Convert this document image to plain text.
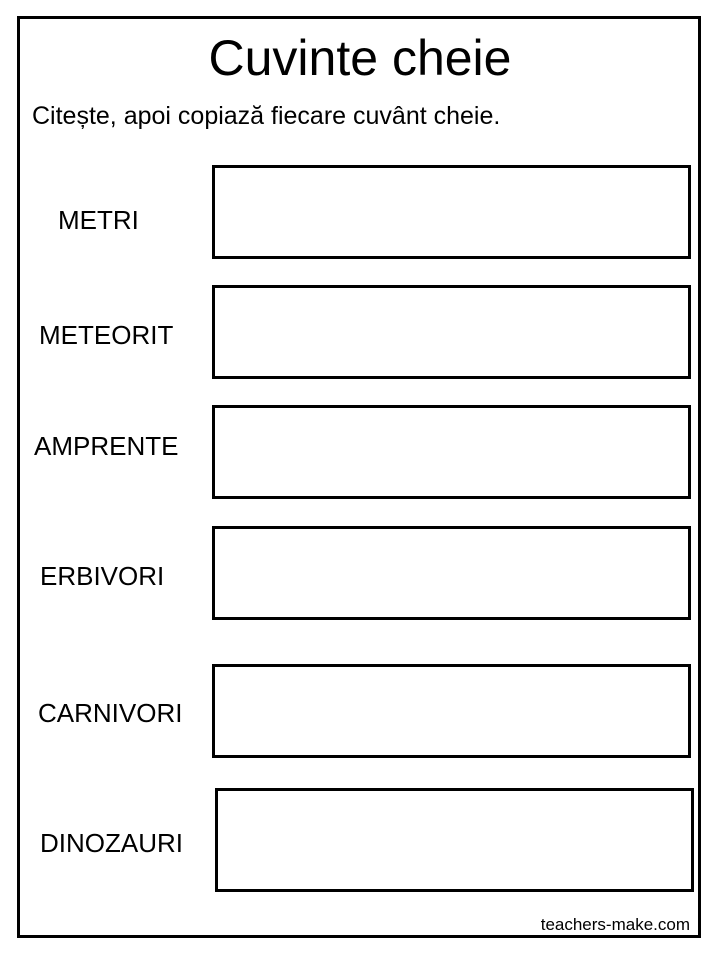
Cuvinte cheie
Citește, apoi copiază fiecare cuvânt cheie.
METRI
METEORIT
AMPRENTE
ERBIVORI
CARNIVORI
DINOZAURI
teachers-make.com
